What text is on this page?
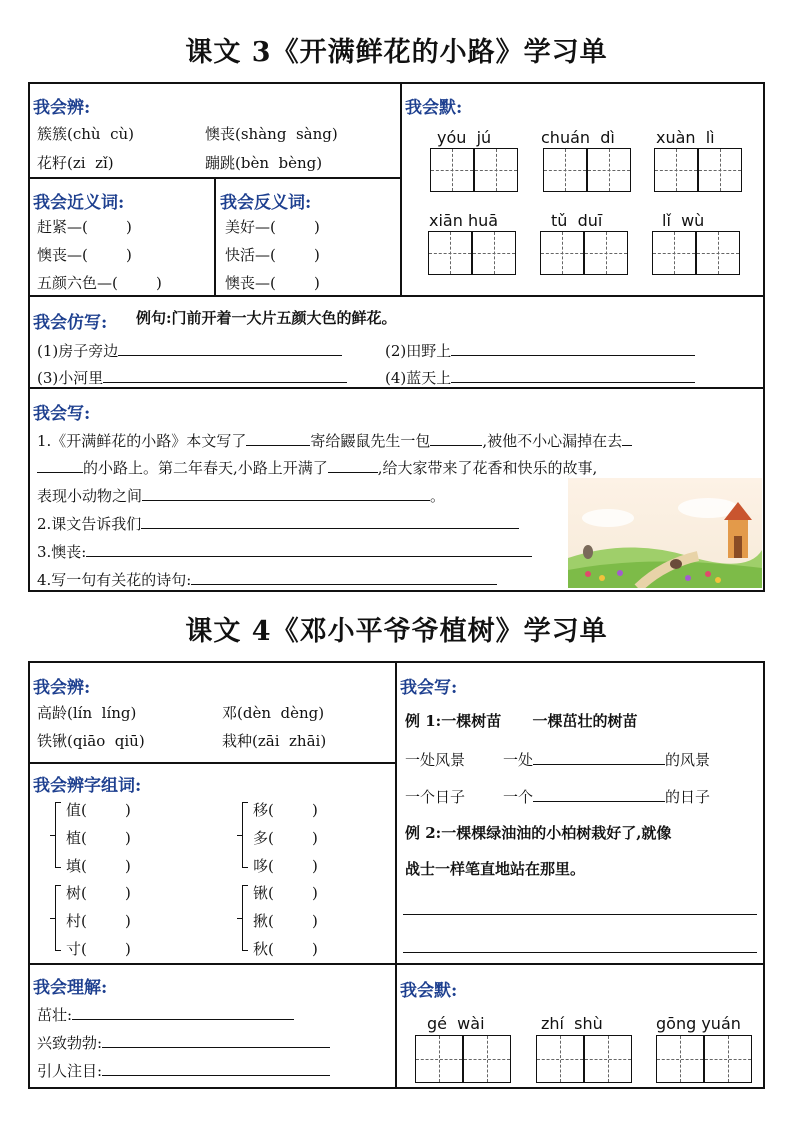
课文 3《开满鲜花的小路》学习单
我会辨:
簇簇(chù  cù)	懊丧(shàng  sàng)
花籽(zi  zǐ)	蹦跳(bèn  bèng)
我会近义词:
赶紧—(        )
懊丧—(        )
五颜六色—(        )
我会反义词:
美好—(        )
快活—(        )
懊丧—(        )
我会默:
yóu  jú	chuán  dì	xuàn  lì
xiān huā	tǔ  duī	lǐ  wù
我会仿写: 例句:门前开着一大片五颜大色的鲜花。
(1)房子旁边	(2)田野上
(3)小河里	(4)蓝天上
我会写:
1.《开满鲜花的小路》本文写了	寄给鼹鼠先生一包	,被他不小心漏掉在去
的小路上。第二年春天,小路上开满了	,给大家带来了花香和快乐的故事,
表现小动物之间	。
2.课文告诉我们
3.懊丧:
4.写一句有关花的诗句:
课文 4《邓小平爷爷植树》学习单
我会辨:
高龄(lín  líng)	邓(dèn  dèng)
铁锹(qiāo  qiū)	栽种(zāi  zhāi)
我会辨字组词:
值(        )
植(        )
填(        )
树(        )
村(        )
寸(        )
移(        )
多(        )
哆(        )
锹(        )
揪(        )
秋(        )
我会理解:
茁壮:
兴致勃勃:
引人注目:
我会写:
例 1:一棵树苗      一棵茁壮的树苗
一处风景	一处	的风景
一个日子	一个	的日子
例 2:一棵棵绿油油的小柏树栽好了,就像
战士一样笔直地站在那里。
我会默:
gé  wài	zhí  shù	gōng yuán
